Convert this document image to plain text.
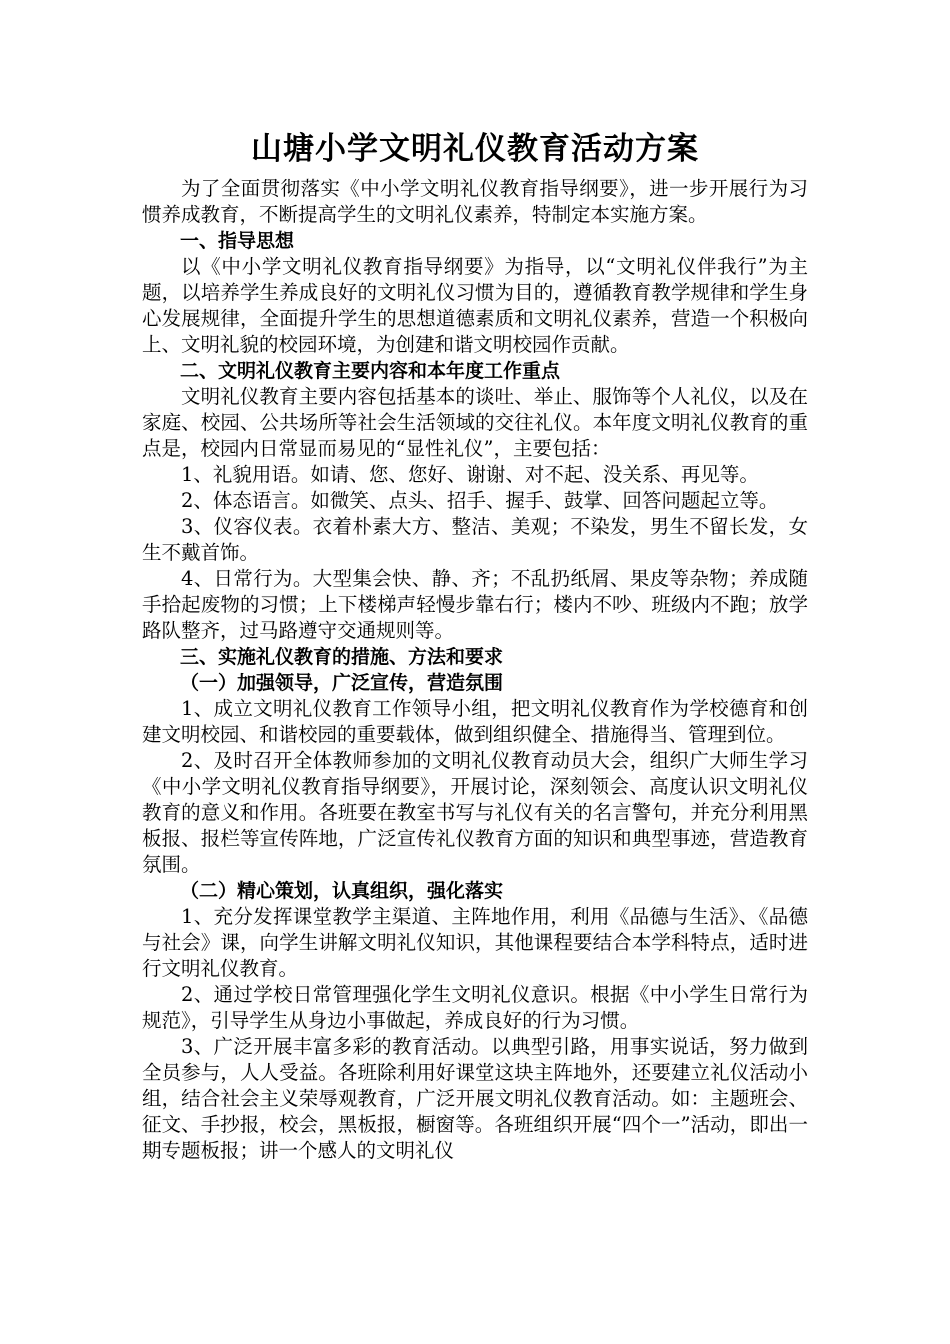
山塘小学文明礼仪教育活动方案

为了全面贯彻落实《中小学文明礼仪教育指导纲要》，进一步开展行为习惯养成教育，不断提高学生的文明礼仪素养，特制定本实施方案。

一、指导思想

以《中小学文明礼仪教育指导纲要》为指导，以“文明礼仪伴我行”为主题，以培养学生养成良好的文明礼仪习惯为目的，遵循教育教学规律和学生身心发展规律，全面提升学生的思想道德素质和文明礼仪素养，营造一个积极向上、文明礼貌的校园环境，为创建和谐文明校园作贡献。

二、文明礼仪教育主要内容和本年度工作重点

文明礼仪教育主要内容包括基本的谈吐、举止、服饰等个人礼仪，以及在家庭、校园、公共场所等社会生活领域的交往礼仪。本年度文明礼仪教育的重点是，校园内日常显而易见的“显性礼仪”，主要包括：

1、礼貌用语。如请、您、您好、谢谢、对不起、没关系、再见等。

2、体态语言。如微笑、点头、招手、握手、鼓掌、回答问题起立等。

3、仪容仪表。衣着朴素大方、整洁、美观；不染发，男生不留长发，女生不戴首饰。

4、日常行为。大型集会快、静、齐；不乱扔纸屑、果皮等杂物；养成随手拾起废物的习惯；上下楼梯声轻慢步靠右行；楼内不吵、班级内不跑；放学路队整齐，过马路遵守交通规则等。

三、实施礼仪教育的措施、方法和要求

（一）加强领导，广泛宣传，营造氛围

1、成立文明礼仪教育工作领导小组，把文明礼仪教育作为学校德育和创建文明校园、和谐校园的重要载体，做到组织健全、措施得当、管理到位。

2、及时召开全体教师参加的文明礼仪教育动员大会，组织广大师生学习《中小学文明礼仪教育指导纲要》，开展讨论，深刻领会、高度认识文明礼仪教育的意义和作用。各班要在教室书写与礼仪有关的名言警句，并充分利用黑板报、报栏等宣传阵地，广泛宣传礼仪教育方面的知识和典型事迹，营造教育氛围。

（二）精心策划，认真组织，强化落实

1、充分发挥课堂教学主渠道、主阵地作用，利用《品德与生活》、《品德与社会》课，向学生讲解文明礼仪知识，其他课程要结合本学科特点，适时进行文明礼仪教育。

2、通过学校日常管理强化学生文明礼仪意识。根据《中小学生日常行为规范》，引导学生从身边小事做起，养成良好的行为习惯。

3、广泛开展丰富多彩的教育活动。以典型引路，用事实说话，努力做到全员参与，人人受益。各班除利用好课堂这块主阵地外，还要建立礼仪活动小组，结合社会主义荣辱观教育，广泛开展文明礼仪教育活动。如：主题班会、征文、手抄报，校会，黑板报，橱窗等。各班组织开展“四个一”活动，即出一期专题板报；讲一个感人的文明礼仪
